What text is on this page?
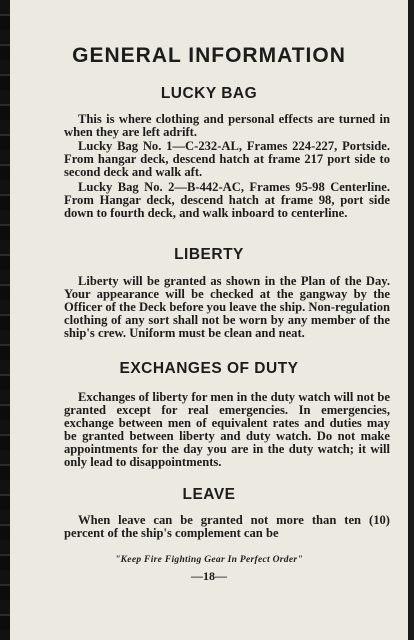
GENERAL INFORMATION
LUCKY BAG

This is where clothing and personal effects are turned in when they are left adrift.

Lucky Bag No. 1—C-232-AL, Frames 224-227, Portside. From hangar deck, descend hatch at frame 217 port side to second deck and walk aft.

Lucky Bag No. 2—B-442-AC, Frames 95-98 Centerline. From Hangar deck, descend hatch at frame 98, port side down to fourth deck, and walk inboard to centerline.

LIBERTY

Liberty will be granted as shown in the Plan of the Day. Your appearance will be checked at the gangway by the Officer of the Deck before you leave the ship. Non-regulation clothing of any sort shall not be worn by any member of the ship's crew. Uniform must be clean and neat.

EXCHANGES OF DUTY

Exchanges of liberty for men in the duty watch will not be granted except for real emergencies. In emergencies, exchange between men of equivalent rates and duties may be granted between liberty and duty watch. Do not make appointments for the day you are in the duty watch; it will only lead to disappointments.

LEAVE

When leave can be granted not more than ten (10) percent of the ship's complement can be

"Keep Fire Fighting Gear In Perfect Order"
—18—
